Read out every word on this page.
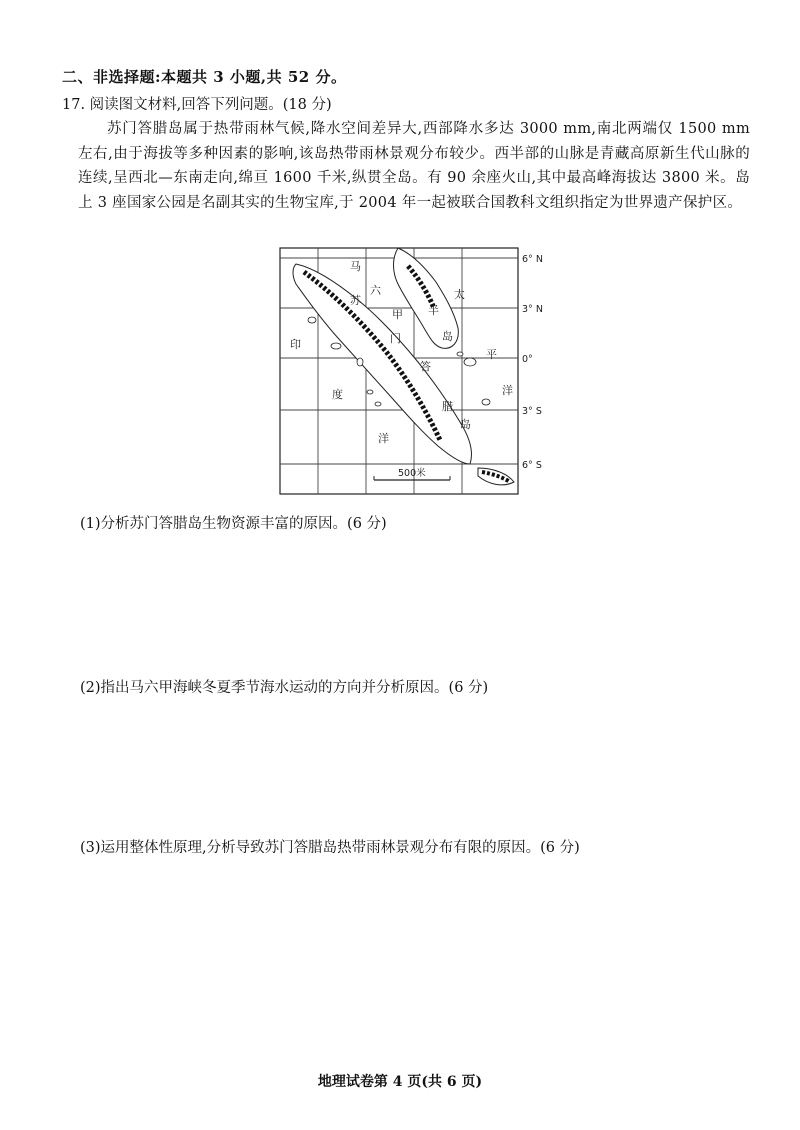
二、非选择题:本题共 3 小题,共 52 分。
17. 阅读图文材料,回答下列问题。(18 分)
苏门答腊岛属于热带雨林气候,降水空间差异大,西部降水多达 3000 mm,南北两端仅 1500 mm 左右,由于海拔等多种因素的影响,该岛热带雨林景观分布较少。西半部的山脉是青藏高原新生代山脉的连续,呈西北—东南走向,绵亘 1600 千米,纵贯全岛。有 90 余座火山,其中最高峰海拔达 3800 米。岛上 3 座国家公园是名副其实的生物宝库,于 2004 年一起被联合国教科文组织指定为世界遗产保护区。
马
六
甲
太
半
岛
平
洋
苏
门
答
腊
岛
印
度
洋
6° N
3° N
0°
3° S
6° S
500米
(1)分析苏门答腊岛生物资源丰富的原因。(6 分)
(2)指出马六甲海峡冬夏季节海水运动的方向并分析原因。(6 分)
(3)运用整体性原理,分析导致苏门答腊岛热带雨林景观分布有限的原因。(6 分)
地理试卷第 4 页(共 6 页)
